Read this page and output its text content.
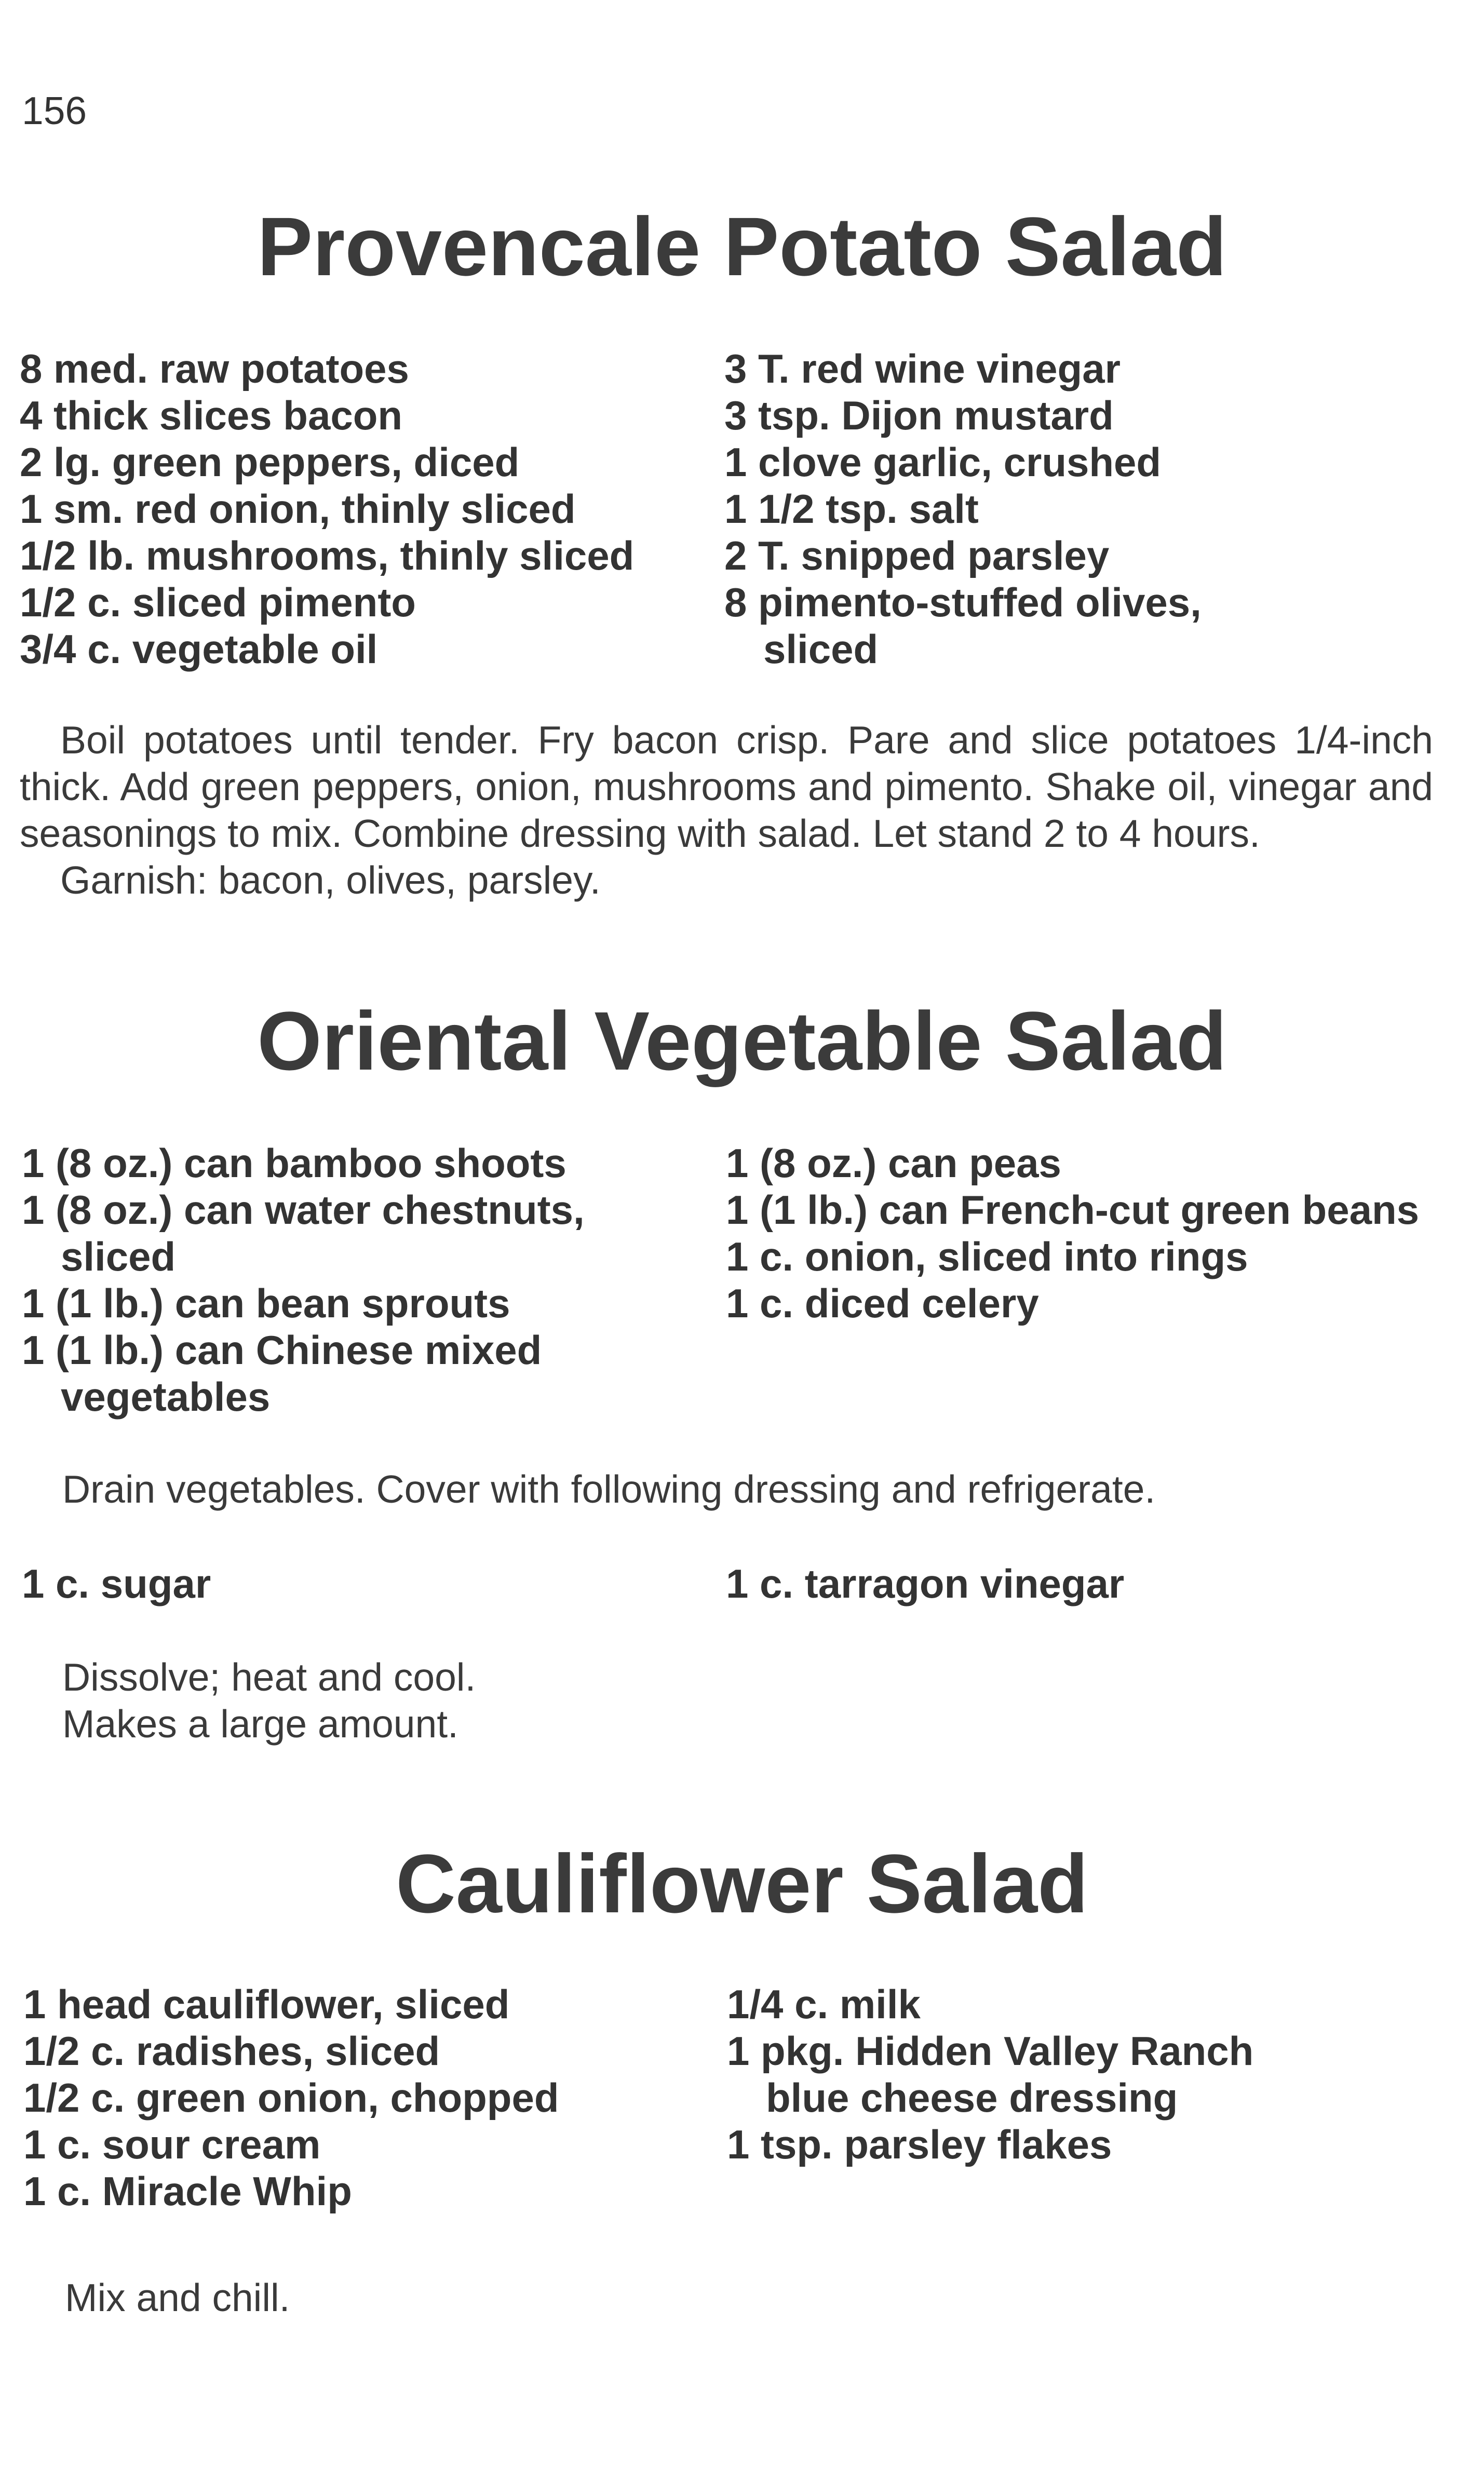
156
Provencale Potato Salad
8 med. raw potatoes
4 thick slices bacon
2 lg. green peppers, diced
1 sm. red onion, thinly sliced
1/2 lb. mushrooms, thinly sliced
1/2 c. sliced pimento
3/4 c. vegetable oil
3 T. red wine vinegar
3 tsp. Dijon mustard
1 clove garlic, crushed
1 1/2 tsp. salt
2 T. snipped parsley
8 pimento-stuffed olives,
sliced
Boil potatoes until tender. Fry bacon crisp. Pare and slice potatoes 1/4-inch thick. Add green peppers, onion, mushrooms and pimento. Shake oil, vinegar and seasonings to mix. Combine dressing with salad. Let stand 2 to 4 hours.
Garnish: bacon, olives, parsley.
Oriental Vegetable Salad
1 (8 oz.) can bamboo shoots
1 (8 oz.) can water chestnuts,
sliced
1 (1 lb.) can bean sprouts
1 (1 lb.) can Chinese mixed
vegetables
1 (8 oz.) can peas
1 (1 lb.) can French-cut green beans
1 c. onion, sliced into rings
1 c. diced celery
Drain vegetables. Cover with following dressing and refrigerate.
1 c. sugar	1 c. tarragon vinegar
Dissolve; heat and cool.
Makes a large amount.
Cauliflower Salad
1 head cauliflower, sliced
1/2 c. radishes, sliced
1/2 c. green onion, chopped
1 c. sour cream
1 c. Miracle Whip
1/4 c. milk
1 pkg. Hidden Valley Ranch
blue cheese dressing
1 tsp. parsley flakes
Mix and chill.
